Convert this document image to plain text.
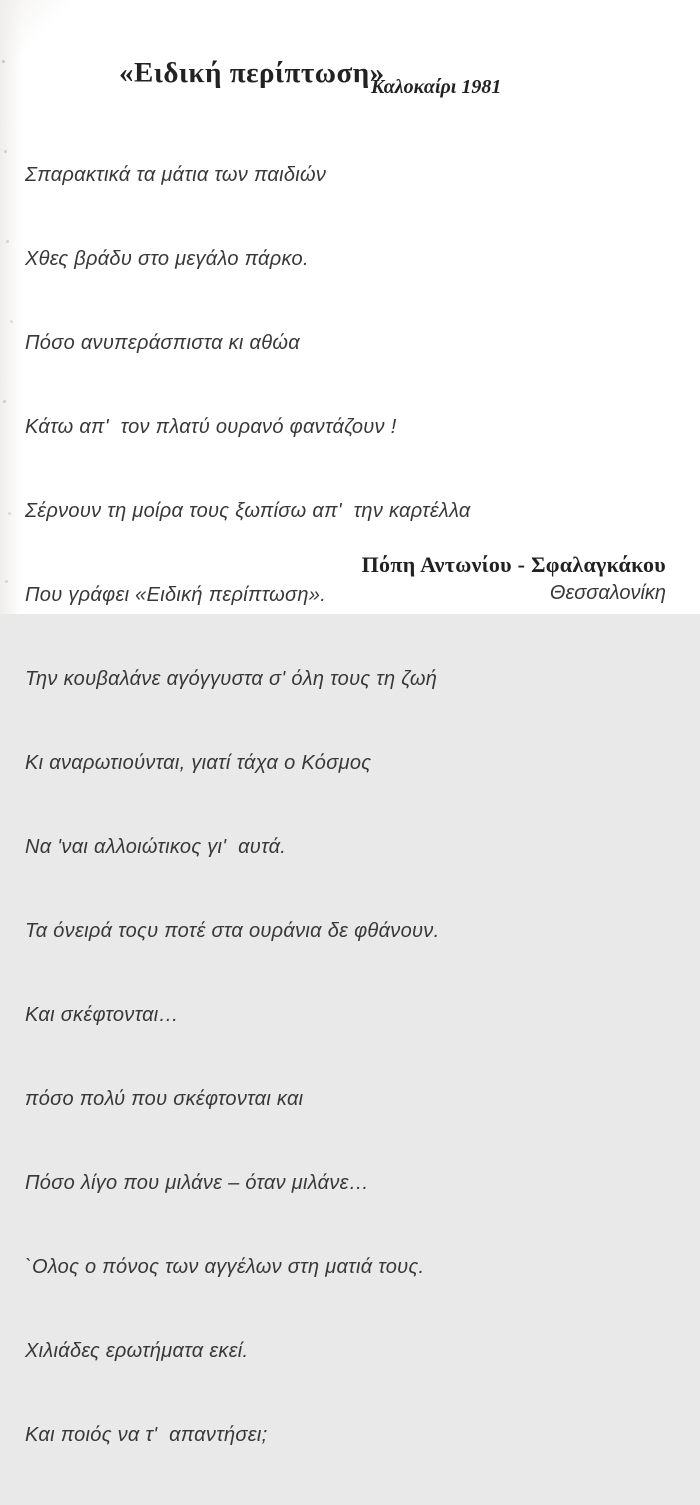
«Ειδική περίπτωση»
Καλοκαίρι 1981

Σπαρακτικά τα μάτια των παιδιών

Χθες βράδυ στο μεγάλο πάρκο.

Πόσο ανυπεράσπιστα κι αθώα

Κάτω απ'  τον πλατύ ουρανό φαντάζουν !

Σέρνουν τη μοίρα τους ξωπίσω απ'  την καρτέλλα

Που γράφει «Ειδική περίπτωση».

Την κουβαλάνε αγόγγυστα σ' όλη τους τη ζωή

Κι αναρωτιούνται, γιατί τάχα ο Κόσμος

Να 'ναι αλλοιώτικος γι'  αυτά.

Τα όνειρά τοςυ ποτέ στα ουράνια δε φθάνουν.

Και σκέφτονται…

πόσο πολύ που σκέφτονται και

Πόσο λίγο που μιλάνε – όταν μιλάνε…

`Ολος ο πόνος των αγγέλων στη ματιά τους.

Χιλιάδες ερωτήματα εκεί.

Και ποιός να τ'  απαντήσει;

Πόπη Αντωνίου - Σφαλαγκάκου
Θεσσαλονίκη
